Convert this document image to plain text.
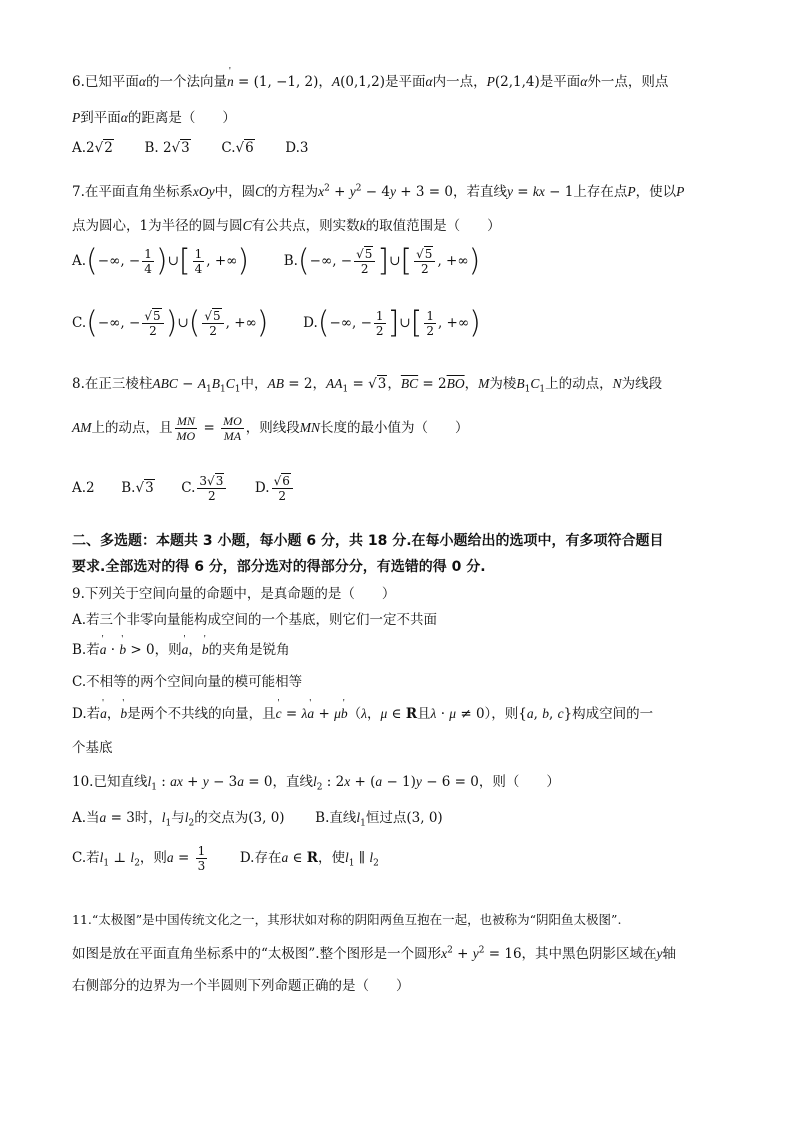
6.已知平面α的一个法向量' n = (1, −1, 2)，A(0,1,2)是平面α内一点，P(2,1,4)是平面α外一点，则点
P到平面α的距离是（　　）
A.2√2 B. 2√3 C.√6 D.3
7.在平面直角坐标系xOy中，圆C的方程为$x^2 + y^2 - 4y + 3 = 0$，若直线y = kx − 1上存在点P，使以P
点为圆心，1为半径的圆与圆C有公共点，则实数k的取值范围是（　　）
A.(−∞, − $\frac{1}{4}$ )∪[ $\frac{1}{4}$ , +∞)	B.(−∞, − $\frac{√5}{2}$ ]∪[ $\frac{√5}{2}$ , +∞)
C.(−∞, − $\frac{√5}{2}$ )∪( $\frac{√5}{2}$ , +∞)	D.(−∞, − $\frac{1}{2}$ ]∪[ $\frac{1}{2}$ , +∞)
8.在正三棱柱ABC − $A_1B_1C_1$中，AB = 2，$AA_1 = √3$，$\overline{BC} = 2\overline{BO}$，M为棱$B_1C_1$上的动点，N为线段
AM上的动点，且 $\frac{MN}{MO} = \frac{MO}{MA}$ ，则线段MN长度的最小值为（　　）
A.2 B.√3 C. $\frac{3√3}{2} D$. $\frac{√6}{2}$
二、多选题：本题共 3 小题，每小题 6 分，共 18 分.在每小题给出的选项中，有多项符合题目
要求.全部选对的得 6 分，部分选对的得部分分，有选错的得 0 分.
9.下列关于空间向量的命题中，是真命题的是（　　）
A.若三个非零向量能构成空间的一个基底，则它们一定不共面
B.若' a · ' b > 0，则' a，' b的夹角是锐角
C.不相等的两个空间向量的模可能相等
D.若' a，' b是两个不共线的向量，且' c = λ' a + μ' b（λ，μ ∈ R且λ · μ ≠ 0），则{a, b, c}构成空间的一
个基底
10.已知直线$l_1$ : ax + y − 3a = 0，直线$l_2$ : 2x + (a − 1)y − 6 = 0，则（　　）
A.当a = 3时，$l_1$与$l_2$的交点为(3, 0) B.直线$l_1$恒过点(3, 0)
C.若$l_1$ ⊥ $l_2$，则$a = \frac{1}{3} D$.存在a ∈ R，使$l_1$ ∥ $l_2$
11.“太极图”是中国传统文化之一，其形状如对称的阴阳两鱼互抱在一起，也被称为“阴阳鱼太极图”.
如图是放在平面直角坐标系中的“太极图”.整个图形是一个圆形$x^2 + y^2 = 16$，其中黑色阴影区域在y轴
右侧部分的边界为一个半圆则下列命题正确的是（　　）
